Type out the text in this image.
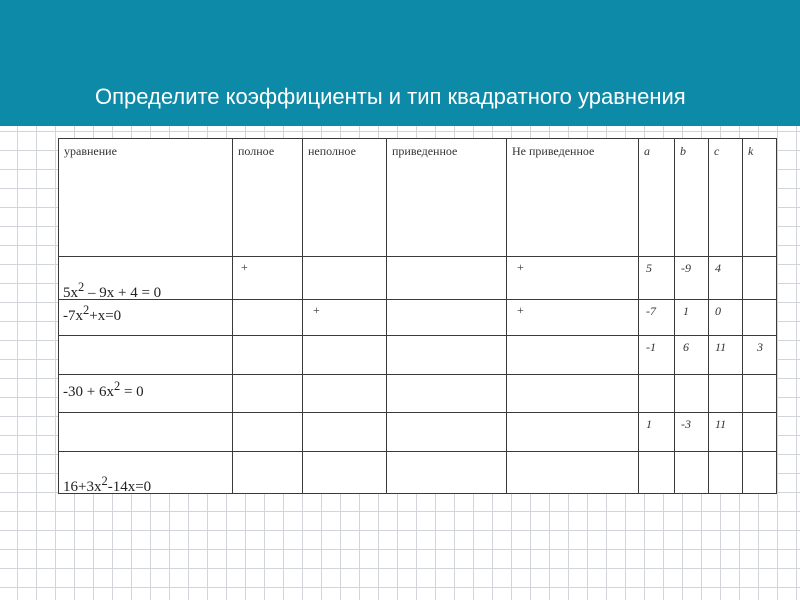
Определите коэффициенты и тип квадратного уравнения
уравнение	полное	неполное	приведенное	Не приведенное	a	b	c	k

$5x^2 - 9x + 4 = 0$	+			+	5	-9	4	

$-7x^2+x=0$		+		+	-7	1	0	

					-1	6	11	3

$-30 + 6x^2 = 0$								

					1	-3	11	

$16+3x^2-14x=0$								
